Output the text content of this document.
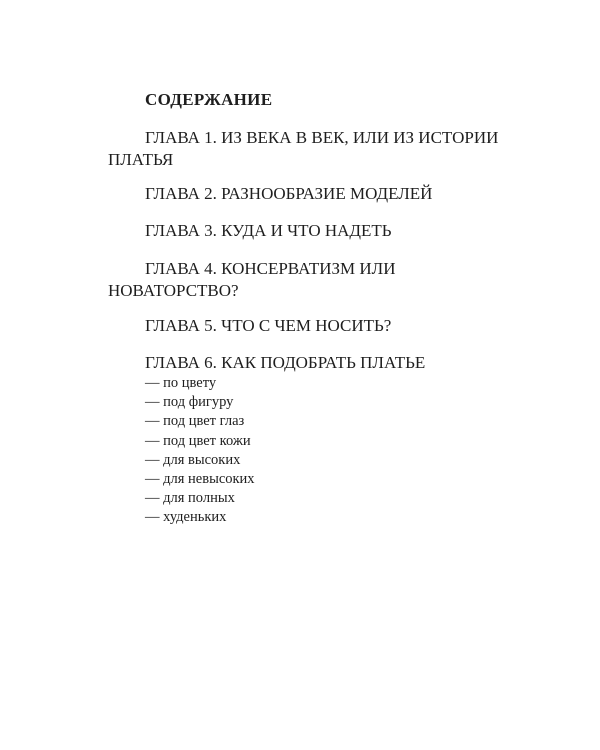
СОДЕРЖАНИЕ

ГЛАВА 1. ИЗ ВЕКА В ВЕК, ИЛИ ИЗ ИСТОРИИ
ПЛАТЬЯ

ГЛАВА 2. РАЗНООБРАЗИЕ МОДЕЛЕЙ

ГЛАВА 3. КУДА И ЧТО НАДЕТЬ

ГЛАВА 4. КОНСЕРВАТИЗМ ИЛИ
НОВАТОРСТВО?

ГЛАВА 5. ЧТО С ЧЕМ НОСИТЬ?

ГЛАВА 6. КАК ПОДОБРАТЬ ПЛАТЬЕ

— по цвету
— под фигуру
— под цвет глаз
— под цвет кожи
— для высоких
— для невысоких
— для полных
— худеньких
